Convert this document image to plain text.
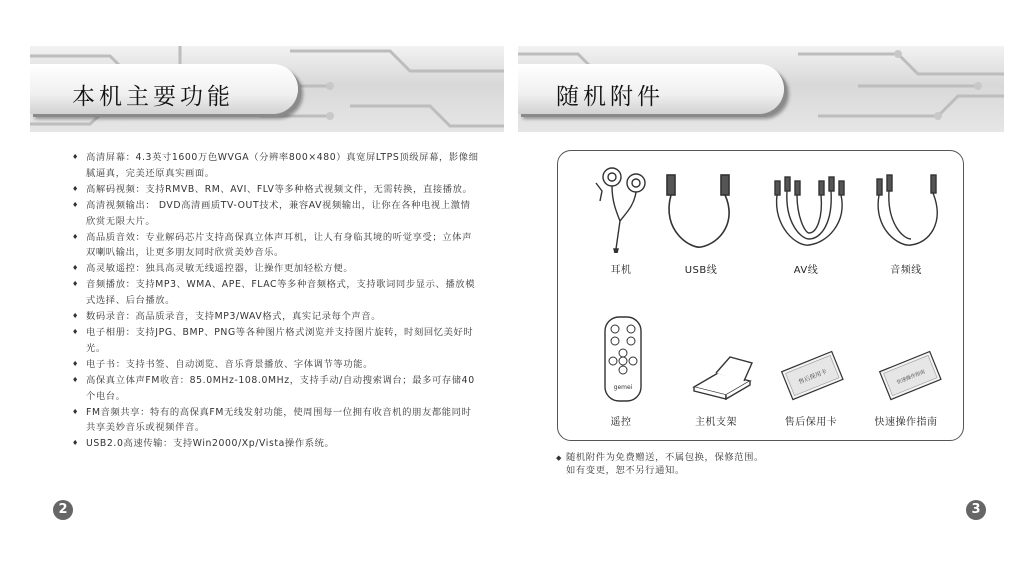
本机主要功能	随机附件
♦ 高清屏幕：4.3英寸1600万色WVGA（分辨率800×480）真宽屏LTPS顶级屏幕，影像细腻逼真，完美还原真实画面。
♦ 高解码视频：支持RMVB、RM、AVI、FLV等多种格式视频文件，无需转换，直接播放。
♦ 高清视频输出： DVD高清画质TV-OUT技术，兼容AV视频输出，让你在各种电视上激情欣赏无限大片。
♦ 高品质音效：专业解码芯片支持高保真立体声耳机，让人有身临其境的听觉享受；立体声双喇叭输出，让更多朋友同时欣赏美妙音乐。
♦ 高灵敏遥控：独具高灵敏无线遥控器，让操作更加轻松方便。
♦ 音频播放：支持MP3、WMA、APE、FLAC等多种音频格式，支持歌词同步显示、播放模式选择、后台播放。
♦ 数码录音：高品质录音，支持MP3/WAV格式，真实记录每个声音。
♦ 电子相册：支持JPG、BMP、PNG等各种图片格式浏览并支持图片旋转，时刻回忆美好时光。
♦ 电子书：支持书签、自动浏览、音乐背景播放、字体调节等功能。
♦ 高保真立体声FM收音：85.0MHz-108.0MHz，支持手动/自动搜索调台；最多可存储40个电台。
♦ FM音频共享：特有的高保真FM无线发射功能，使周围每一位拥有收音机的朋友都能同时共享美妙音乐或视频伴音。
♦ USB2.0高速传输：支持Win2000/Xp/Vista操作系统。
耳机	USB线	AV线	音频线
gemei
遥控	主机支架
售后保用卡
售后保用卡
快速操作指南
快速操作指南
◆ 随机附件为免费赠送，不属包换，保修范围。

如有变更，恕不另行通知。

2	3
